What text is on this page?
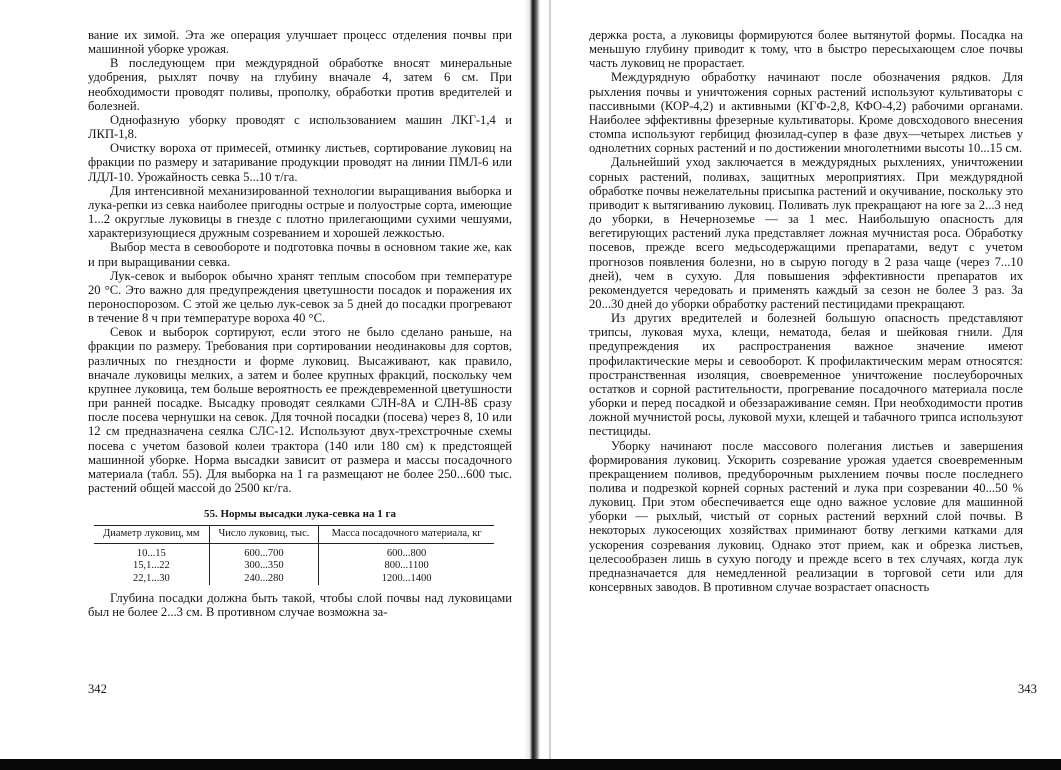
вание их зимой. Эта же операция улучшает процесс отделения почвы при машинной уборке урожая.

В последующем при междурядной обработке вносят минеральные удобрения, рыхлят почву на глубину вначале 4, затем 6 см. При необходимости проводят поливы, прополку, обработки против вредителей и болезней.

Однофазную уборку проводят с использованием машин ЛКГ-1,4 и ЛКП-1,8.

Очистку вороха от примесей, отминку листьев, сортирование луковиц на фракции по размеру и затаривание продукции проводят на линии ПМЛ-6 или ЛДЛ-10. Урожайность севка 5...10 т/га.

Для интенсивной механизированной технологии выращивания выборка и лука-репки из севка наиболее пригодны острые и полуострые сорта, имеющие 1...2 округлые луковицы в гнезде с плотно прилегающими сухими чешуями, характеризующиеся дружным созреванием и хорошей лежкостью.

Выбор места в севообороте и подготовка почвы в основном такие же, как и при выращивании севка.

Лук-севок и выборок обычно хранят теплым способом при температуре 20 °С. Это важно для предупреждения цветушности посадок и поражения их пероноспорозом. С этой же целью лук-севок за 5 дней до посадки прогревают в течение 8 ч при температуре вороха 40 °С.

Севок и выборок сортируют, если этого не было сделано раньше, на фракции по размеру. Требования при сортировании неодинаковы для сортов, различных по гнездности и форме луковиц. Высаживают, как правило, вначале луковицы мелких, а затем и более крупных фракций, поскольку чем крупнее луковица, тем больше вероятность ее преждевременной цветушности при ранней посадке. Высадку проводят сеялками СЛН-8А и СЛН-8Б сразу после посева чернушки на севок. Для точной посадки (посева) через 8, 10 или 12 см предназначена сеялка СЛС-12. Используют двух-трехстрочные схемы посева с учетом базовой колеи трактора (140 или 180 см) к предстоящей машинной уборке. Норма высадки зависит от размера и массы посадочного материала (табл. 55). Для выборка на 1 га размещают не более 250...600 тыс. растений общей массой до 2500 кг/га.

55. Нормы высадки лука-севка на 1 га
Диаметр луковиц, мм	Число луковиц, тыс.	Масса посадочного материала, кг
10...15	600...700	600...800
15,1...22	300...350	800...1100
22,1...30	240...280	1200...1400

Глубина посадки должна быть такой, чтобы слой почвы над луковицами был не более 2...3 см. В противном случае возможна за-

342

держка роста, а луковицы формируются более вытянутой формы. Посадка на меньшую глубину приводит к тому, что в быстро пересыхающем слое почвы часть луковиц не прорастает.

Междурядную обработку начинают после обозначения рядков. Для рыхления почвы и уничтожения сорных растений используют культиваторы с пассивными (КОР-4,2) и активными (КГФ-2,8, КФО-4,2) рабочими органами. Наиболее эффективны фрезерные культиваторы. Кроме довсходового внесения стомпа используют гербицид фюзилад-супер в фазе двух—четырех листьев у однолетних сорных растений и по достижении многолетними высоты 10...15 см.

Дальнейший уход заключается в междурядных рыхлениях, уничтожении сорных растений, поливах, защитных мероприятиях. При междурядной обработке почвы нежелательны присыпка растений и окучивание, поскольку это приводит к вытягиванию луковиц. Поливать лук прекращают на юге за 2...3 нед до уборки, в Нечерноземье — за 1 мес. Наибольшую опасность для вегетирующих растений лука представляет ложная мучнистая роса. Обработку посевов, прежде всего медьсодержащими препаратами, ведут с учетом прогнозов появления болезни, но в сырую погоду в 2 раза чаще (через 7...10 дней), чем в сухую. Для повышения эффективности препаратов их рекомендуется чередовать и применять каждый за сезон не более 3 раз. За 20...30 дней до уборки обработку растений пестицидами прекращают.

Из других вредителей и болезней большую опасность представляют трипсы, луковая муха, клещи, нематода, белая и шейковая гнили. Для предупреждения их распространения важное значение имеют профилактические меры и севооборот. К профилактическим мерам относятся: пространственная изоляция, своевременное уничтожение послеуборочных остатков и сорной растительности, прогревание посадочного материала после уборки и перед посадкой и обеззараживание семян. При необходимости против ложной мучнистой росы, луковой мухи, клещей и табачного трипса используют пестициды.

Уборку начинают после массового полегания листьев и завершения формирования луковиц. Ускорить созревание урожая удается своевременным прекращением поливов, предуборочным рыхлением почвы после последнего полива и подрезкой корней сорных растений и лука при созревании 40...50 % луковиц. При этом обеспечивается еще одно важное условие для машинной уборки — рыхлый, чистый от сорных растений верхний слой почвы. В некоторых лукосеющих хозяйствах приминают ботву легкими катками для ускорения созревания луковиц. Однако этот прием, как и обрезка листьев, целесообразен лишь в сухую погоду и прежде всего в тех случаях, когда лук предназначается для немедленной реализации в торговой сети или для консервных заводов. В противном случае возрастает опасность

343
